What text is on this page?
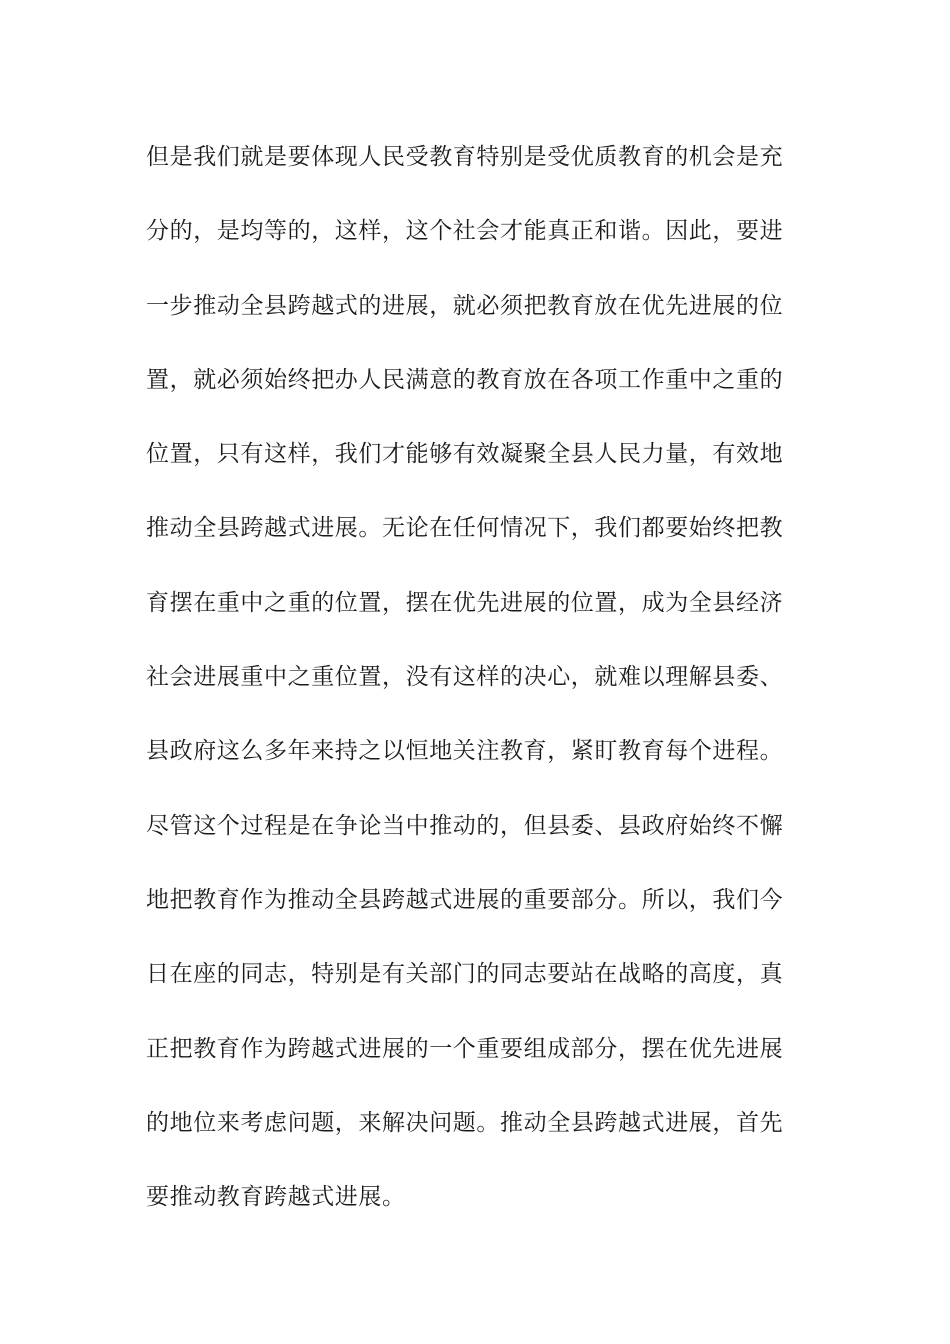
但是我们就是要体现人民受教育特别是受优质教育的机会是充
分的，是均等的，这样，这个社会才能真正和谐。因此，要进
一步推动全县跨越式的进展，就必须把教育放在优先进展的位
置，就必须始终把办人民满意的教育放在各项工作重中之重的
位置，只有这样，我们才能够有效凝聚全县人民力量，有效地
推动全县跨越式进展。无论在任何情况下，我们都要始终把教
育摆在重中之重的位置，摆在优先进展的位置，成为全县经济
社会进展重中之重位置，没有这样的决心，就难以理解县委、
县政府这么多年来持之以恒地关注教育，紧盯教育每个进程。
尽管这个过程是在争论当中推动的，但县委、县政府始终不懈
地把教育作为推动全县跨越式进展的重要部分。所以，我们今
日在座的同志，特别是有关部门的同志要站在战略的高度，真
正把教育作为跨越式进展的一个重要组成部分，摆在优先进展
的地位来考虑问题，来解决问题。推动全县跨越式进展，首先
要推动教育跨越式进展。
